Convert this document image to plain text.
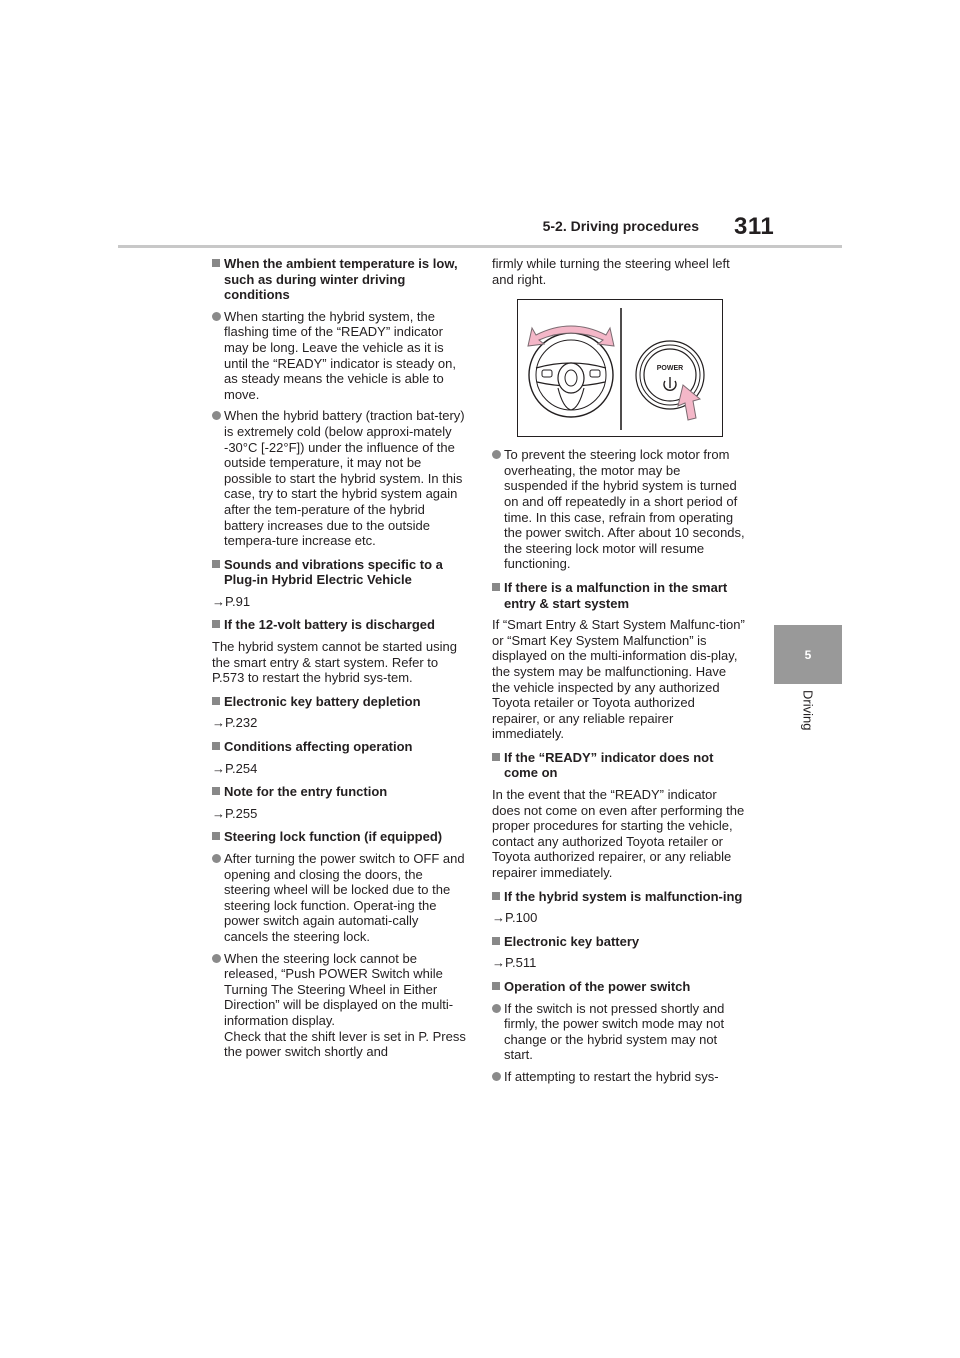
5-2. Driving procedures 311
5
Driving

When the ambient temperature is low, such as during winter driving conditions

When starting the hybrid system, the flashing time of the “READY” indicator may be long. Leave the vehicle as it is until the “READY” indicator is steady on, as steady means the vehicle is able to move.

When the hybrid battery (traction bat-tery) is extremely cold (below approxi-mately -30°C [-22°F]) under the influence of the outside temperature, it may not be possible to start the hybrid system. In this case, try to start the hybrid system again after the tem-perature of the hybrid battery increases due to the outside tempera-ture increase etc.

Sounds and vibrations specific to a Plug-in Hybrid Electric Vehicle

→P.91

If the 12-volt battery is discharged

The hybrid system cannot be started using the smart entry & start system. Refer to P.573 to restart the hybrid sys-tem.

Electronic key battery depletion

→P.232

Conditions affecting operation

→P.254

Note for the entry function

→P.255

Steering lock function (if equipped)

After turning the power switch to OFF and opening and closing the doors, the steering wheel will be locked due to the steering lock function. Operat-ing the power switch again automati-cally cancels the steering lock.

When the steering lock cannot be released, “Push POWER Switch while Turning The Steering Wheel in Either Direction” will be displayed on the multi-information display.
Check that the shift lever is set in P. Press the power switch shortly and

firmly while turning the steering wheel left and right.

POWER

To prevent the steering lock motor from overheating, the motor may be suspended if the hybrid system is turned on and off repeatedly in a short period of time. In this case, refrain from operating the power switch. After about 10 seconds, the steering lock motor will resume functioning.

If there is a malfunction in the smart entry & start system

If “Smart Entry & Start System Malfunc-tion” or “Smart Key System Malfunction” is displayed on the multi-information dis-play, the system may be malfunctioning. Have the vehicle inspected by any authorized Toyota retailer or Toyota authorized repairer, or any reliable repairer immediately.

If the “READY” indicator does not come on

In the event that the “READY” indicator does not come on even after performing the proper procedures for starting the vehicle, contact any authorized Toyota retailer or Toyota authorized repairer, or any reliable repairer immediately.

If the hybrid system is malfunction-ing

→P.100

Electronic key battery

→P.511

Operation of the power switch

If the switch is not pressed shortly and firmly, the power switch mode may not change or the hybrid system may not start.

If attempting to restart the hybrid sys-
